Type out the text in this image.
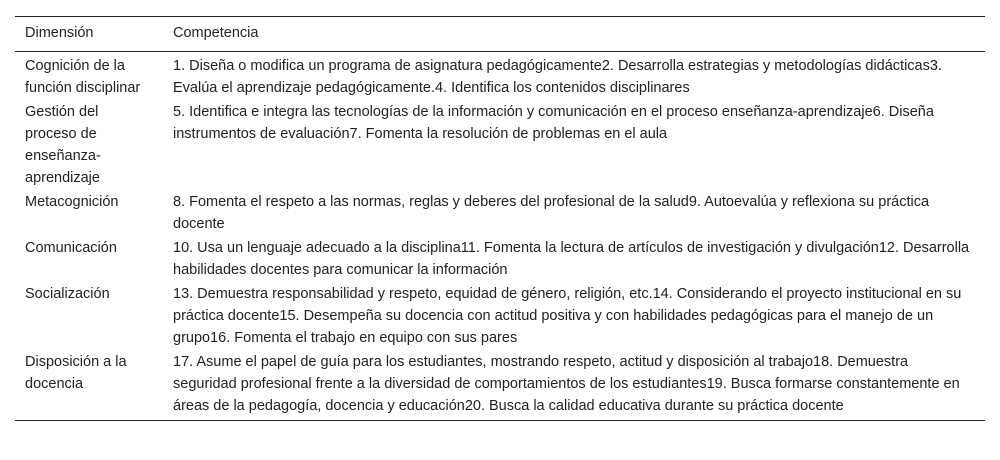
Dimensión	Competencia
Cognición de la función disciplinar	1. Diseña o modifica un programa de asignatura pedagógicamente2. Desarrolla estrategias y metodologías didácticas3. Evalúa el aprendizaje pedagógicamente.4. Identifica los contenidos disciplinares
Gestión del proceso de enseñanza-aprendizaje	5. Identifica e integra las tecnologías de la información y comunicación en el proceso enseñanza-aprendizaje6. Diseña instrumentos de evaluación7. Fomenta la resolución de problemas en el aula
Metacognición	8. Fomenta el respeto a las normas, reglas y deberes del profesional de la salud9. Autoevalúa y reflexiona su práctica docente
Comunicación	10. Usa un lenguaje adecuado a la disciplina11. Fomenta la lectura de artículos de investigación y divulgación12. Desarrolla habilidades docentes para comunicar la información
Socialización	13. Demuestra responsabilidad y respeto, equidad de género, religión, etc.14. Considerando el proyecto institucional en su práctica docente15. Desempeña su docencia con actitud positiva y con habilidades pedagógicas para el manejo de un grupo16. Fomenta el trabajo en equipo con sus pares
Disposición a la docencia	17. Asume el papel de guía para los estudiantes, mostrando respeto, actitud y disposición al trabajo18. Demuestra seguridad profesional frente a la diversidad de comportamientos de los estudiantes19. Busca formarse constantemente en áreas de la pedagogía, docencia y educación20. Busca la calidad educativa durante su práctica docente
